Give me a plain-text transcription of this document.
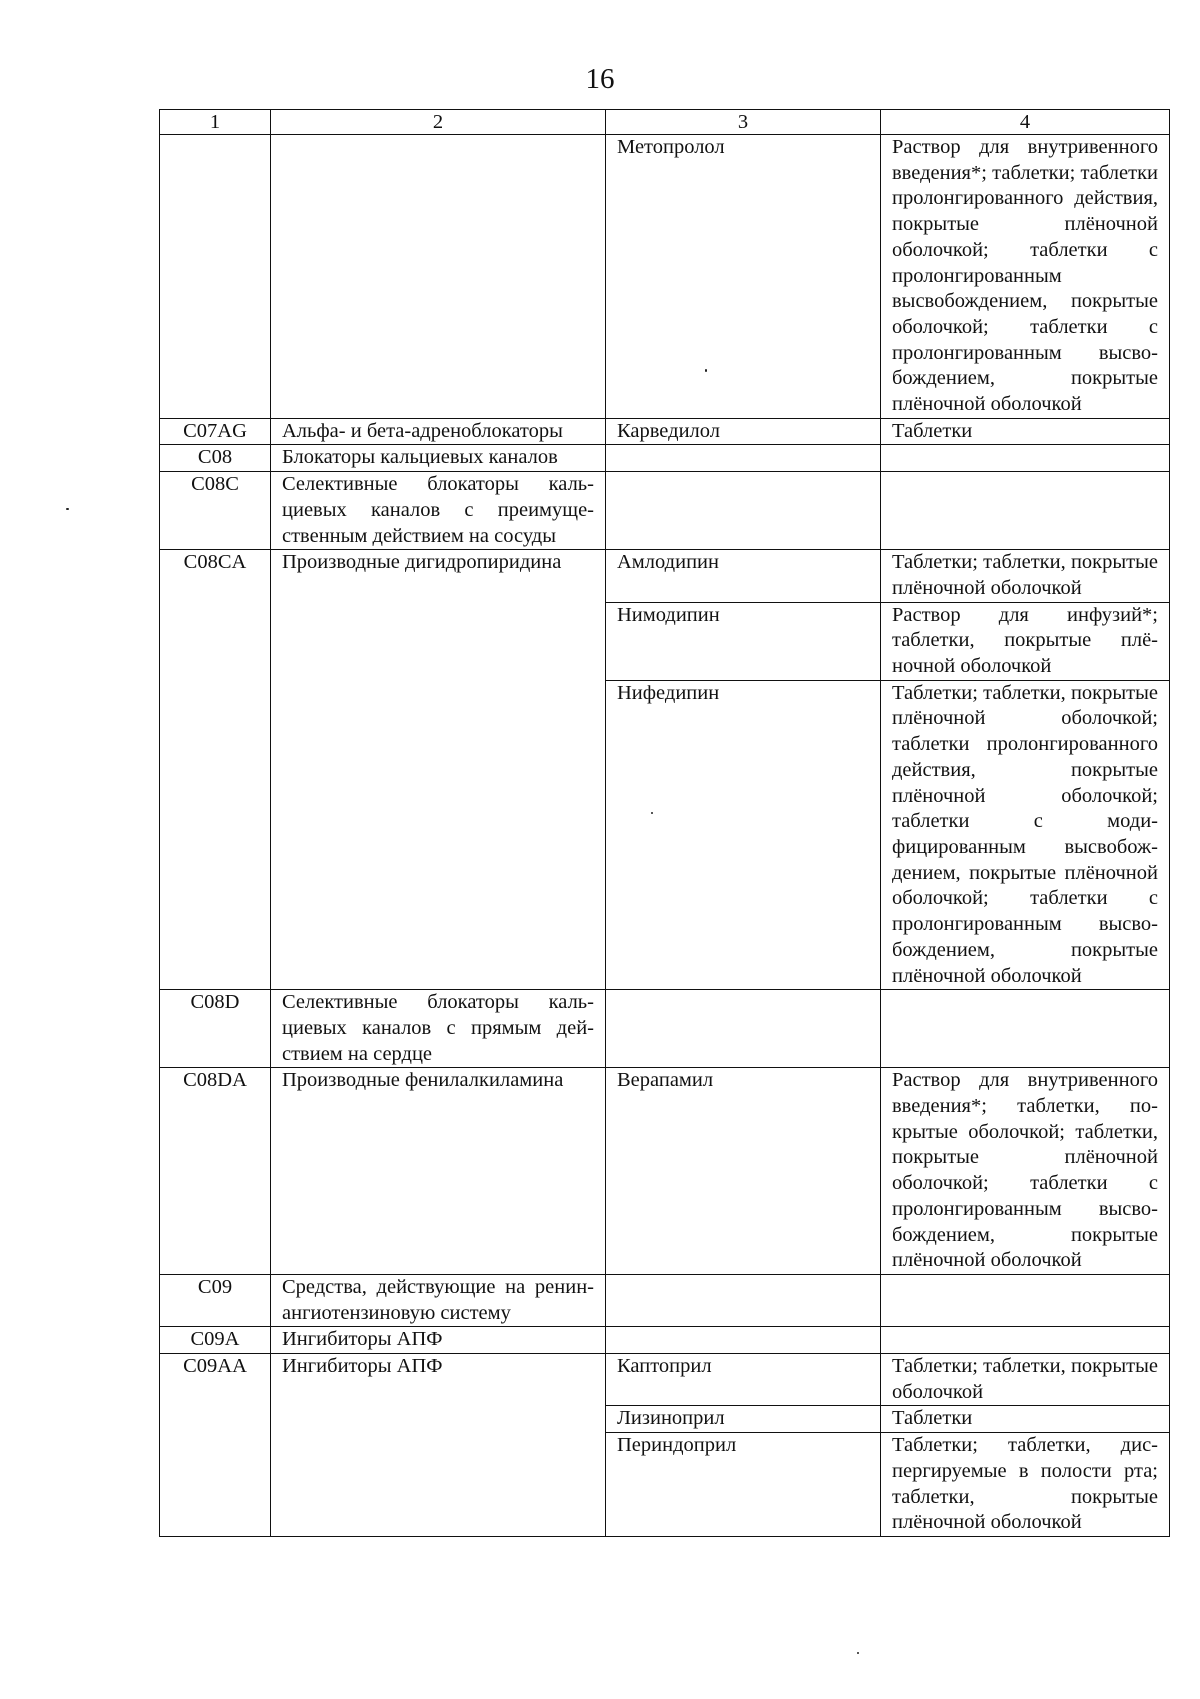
16
1	2	3	4
		Метопролол	Раствор для внутривенного введения*; таблетки; таблетки пролонгированного действия, покрытые плёночной оболочкой; таблетки с пролонгированным высвобождением, покрытые оболочкой; таблетки с пролонгированным высвобождением, покрытые плёночной оболочкой
C07AG	Альфа- и бета-адреноблокаторы	Карведилол	Таблетки
C08	Блокаторы кальциевых каналов		
C08C	Селективные блокаторы кальциевых каналов с преимущественным действием на сосуды		
C08CA	Производные дигидропиридина	Амлодипин	Таблетки; таблетки, покрытые плёночной оболочкой
		Нимодипин	Раствор для инфузий*; таблетки, покрытые плёночной оболочкой
		Нифедипин	Таблетки; таблетки, покрытые плёночной оболочкой; таблетки пролонгированного действия, покрытые плёночной оболочкой; таблетки с модифицированным высвобождением, покрытые плёночной оболочкой; таблетки с пролонгированным высвобождением, покрытые плёночной оболочкой
C08D	Селективные блокаторы кальциевых каналов с прямым действием на сердце		
C08DA	Производные фенилалкиламина	Верапамил	Раствор для внутривенного введения*; таблетки, покрытые оболочкой; таблетки, покрытые плёночной оболочкой; таблетки с пролонгированным высвобождением, покрытые плёночной оболочкой
C09	Средства, действующие на ренин-ангиотензиновую систему		
C09A	Ингибиторы АПФ		
C09AA	Ингибиторы АПФ	Каптоприл	Таблетки; таблетки, покрытые оболочкой
		Лизиноприл	Таблетки
		Периндоприл	Таблетки; таблетки, диспергируемые в полости рта; таблетки, покрытые плёночной оболочкой
